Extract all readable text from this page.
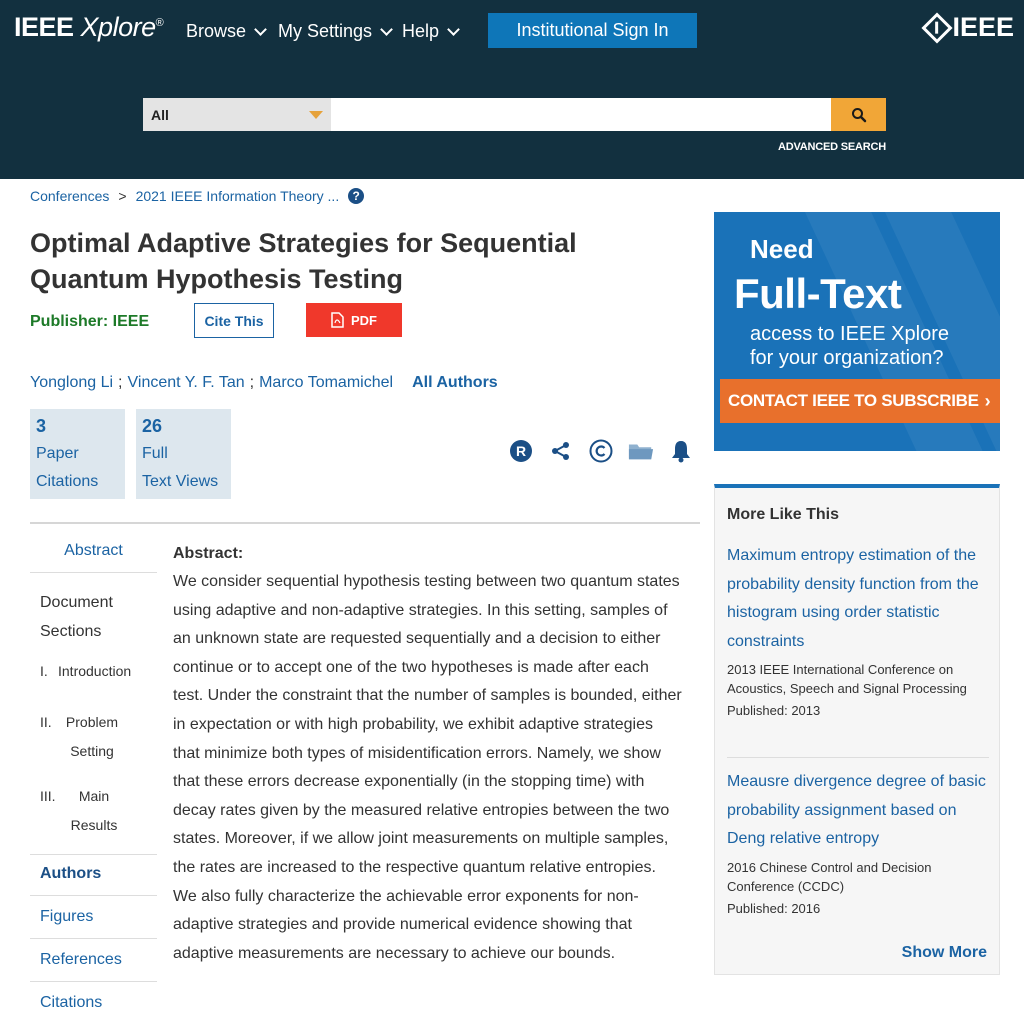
IEEE Xplore® Browse My Settings Help	Institutional Sign In	IEEE
All
ADVANCED SEARCH
Conferences > 2021 IEEE Information Theory ...	?
Optimal Adaptive Strategies for Sequential Quantum Hypothesis Testing
Publisher: IEEE	Cite This	PDF
Yonglong Li ; Vincent Y. F. Tan ; Marco Tomamichel All Authors
3
Paper
Citations
26
Full
Text Views
R
Abstract
Document Sections
I. Introduction
II.	Problem Setting
III.	Main Results
Authors
Figures
References
Citations
Abstract:

We consider sequential hypothesis testing between two quantum states using adaptive and non-adaptive strategies. In this setting, samples of an unknown state are requested sequentially and a decision to either continue or to accept one of the two hypotheses is made after each test. Under the constraint that the number of samples is bounded, either in expectation or with high probability, we exhibit adaptive strategies that minimize both types of misidentification errors. Namely, we show that these errors decrease exponentially (in the stopping time) with decay rates given by the measured relative entropies between the two states. Moreover, if we allow joint measurements on multiple samples, the rates are increased to the respective quantum relative entropies. We also fully characterize the achievable error exponents for non-adaptive strategies and provide numerical evidence showing that adaptive measurements are necessary to achieve our bounds.

Need
Full-Text
access to IEEE Xplore
for your organization?
CONTACT IEEE TO SUBSCRIBE ›
More Like This
Maximum entropy estimation of the probability density function from the histogram using order statistic constraints
2013 IEEE International Conference on Acoustics, Speech and Signal Processing
Published: 2013
Meausre divergence degree of basic probability assignment based on Deng relative entropy
2016 Chinese Control and Decision Conference (CCDC)
Published: 2016
Show More
